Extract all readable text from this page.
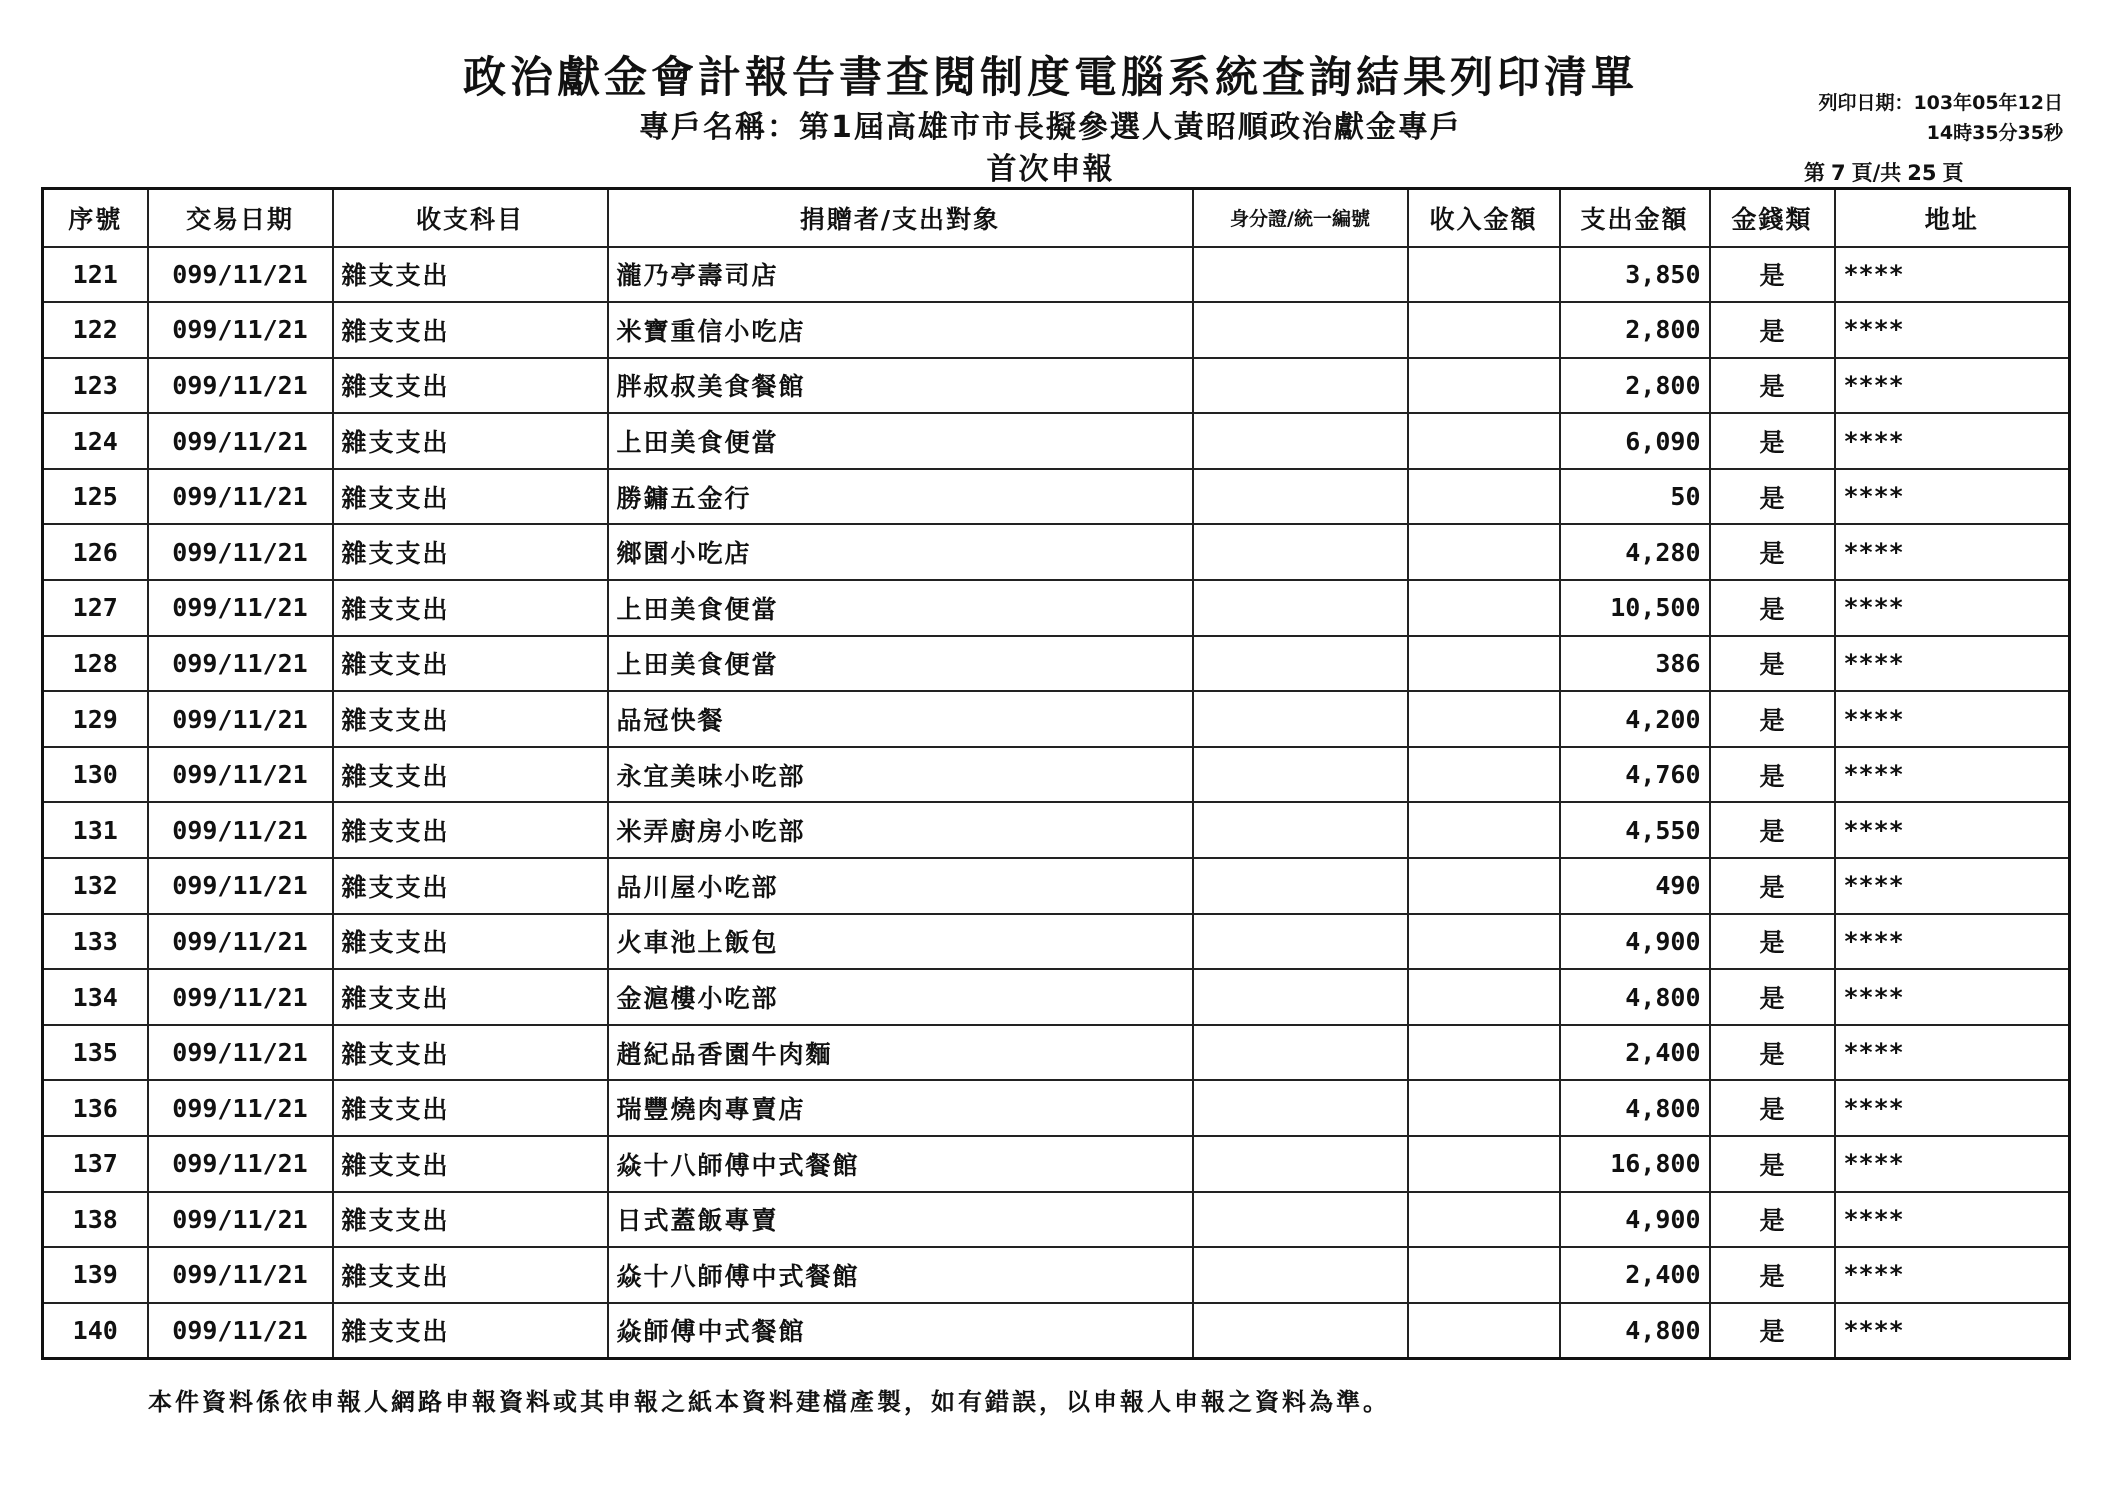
政治獻金會計報告書查閱制度電腦系統查詢結果列印清單
專戶名稱：第1屆高雄市市長擬參選人黃昭順政治獻金專戶
首次申報
列印日期：103年05年12日
14時35分35秒
第 7 頁/共 25 頁
序號	交易日期	收支科目	捐贈者/支出對象	身分證/統一編號	收入金額	支出金額	金錢類	地址
121	099/11/21	雜支支出	瀧乃亭壽司店			3,850	是	****
122	099/11/21	雜支支出	米寶重信小吃店			2,800	是	****
123	099/11/21	雜支支出	胖叔叔美食餐館			2,800	是	****
124	099/11/21	雜支支出	上田美食便當			6,090	是	****
125	099/11/21	雜支支出	勝鏞五金行			50	是	****
126	099/11/21	雜支支出	鄉園小吃店			4,280	是	****
127	099/11/21	雜支支出	上田美食便當			10,500	是	****
128	099/11/21	雜支支出	上田美食便當			386	是	****
129	099/11/21	雜支支出	品冠快餐			4,200	是	****
130	099/11/21	雜支支出	永宜美味小吃部			4,760	是	****
131	099/11/21	雜支支出	米弄廚房小吃部			4,550	是	****
132	099/11/21	雜支支出	品川屋小吃部			490	是	****
133	099/11/21	雜支支出	火車池上飯包			4,900	是	****
134	099/11/21	雜支支出	金滬樓小吃部			4,800	是	****
135	099/11/21	雜支支出	趙紀品香園牛肉麵			2,400	是	****
136	099/11/21	雜支支出	瑞豐燒肉專賣店			4,800	是	****
137	099/11/21	雜支支出	焱十八師傅中式餐館			16,800	是	****
138	099/11/21	雜支支出	日式蓋飯專賣			4,900	是	****
139	099/11/21	雜支支出	焱十八師傅中式餐館			2,400	是	****
140	099/11/21	雜支支出	焱師傅中式餐館			4,800	是	****
本件資料係依申報人網路申報資料或其申報之紙本資料建檔產製，如有錯誤，以申報人申報之資料為準。
